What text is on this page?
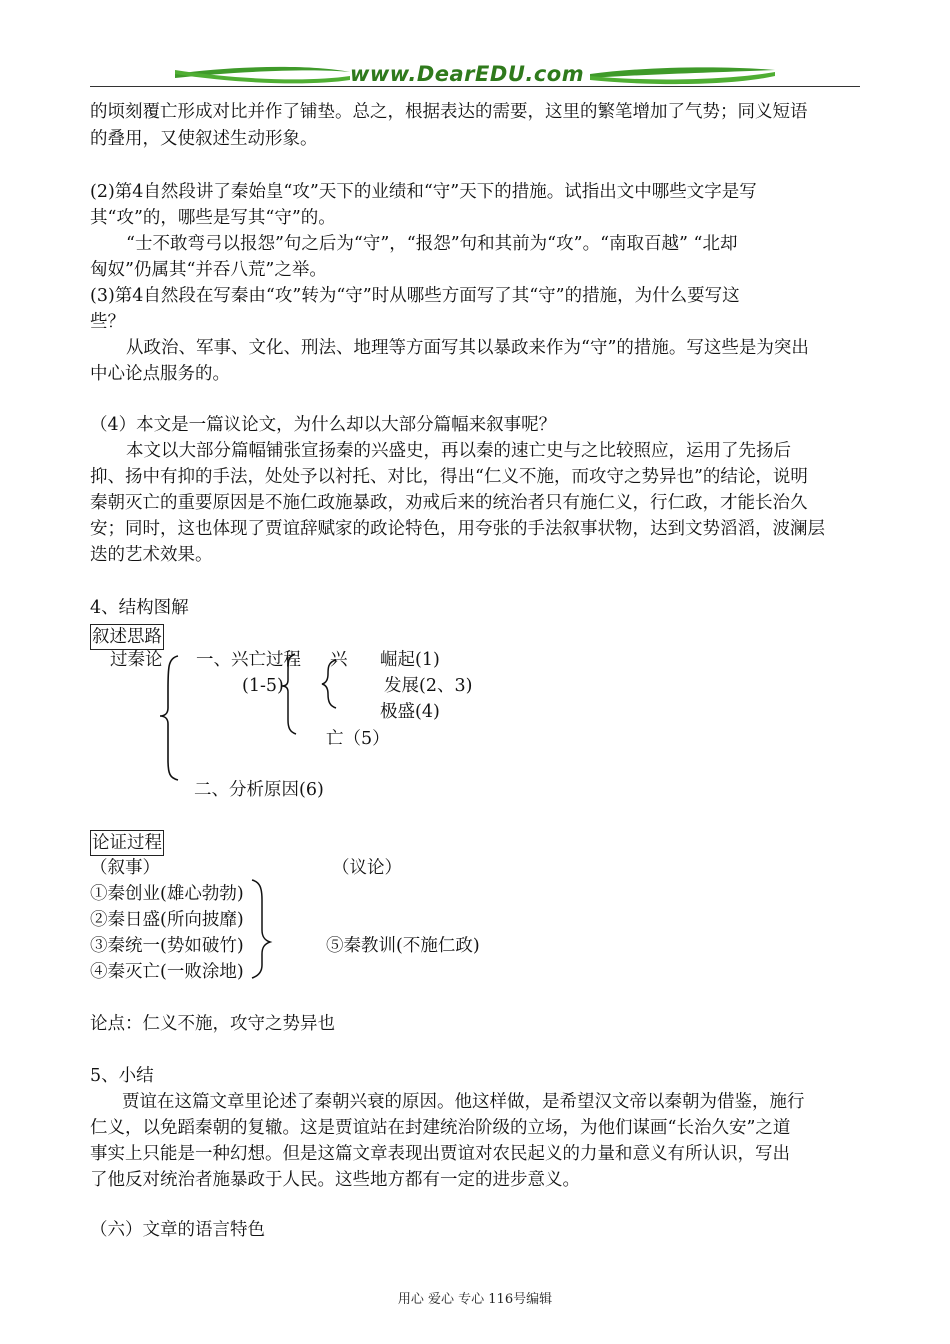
www.DearEDU.com
的顷刻覆亡形成对比并作了铺垫。总之，根据表达的需要，这里的繁笔增加了气势；同义短语
的叠用，又使叙述生动形象。
(2)第4自然段讲了秦始皇“攻”天下的业绩和“守”天下的措施。试指出文中哪些文字是写
其“攻”的，哪些是写其“守”的。
“士不敢弯弓以报怨”句之后为“守”，“报怨”句和其前为“攻”。“南取百越” “北却
匈奴”仍属其“并吞八荒”之举。
(3)第4自然段在写秦由“攻”转为“守”时从哪些方面写了其“守”的措施，为什么要写这
些？
从政治、军事、文化、刑法、地理等方面写其以暴政来作为“守”的措施。写这些是为突出
中心论点服务的。
（4）本文是一篇议论文，为什么却以大部分篇幅来叙事呢？
本文以大部分篇幅铺张宣扬秦的兴盛史，再以秦的速亡史与之比较照应，运用了先扬后
抑、扬中有抑的手法，处处予以衬托、对比，得出“仁义不施，而攻守之势异也”的结论，说明
秦朝灭亡的重要原因是不施仁政施暴政，劝戒后来的统治者只有施仁义，行仁政，才能长治久
安；同时，这也体现了贾谊辞赋家的政论特色，用夸张的手法叙事状物，达到文势滔滔，波澜层
迭的艺术效果。
4、结构图解
叙述思路
过秦论 一、兴亡过程
(1-5)
兴 崛起(1)
发展(2、3)
极盛(4)
亡（5）
二、分析原因(6)
论证过程
（叙事）	（议论）
①秦创业(雄心勃勃)
②秦日盛(所向披靡)
③秦统一(势如破竹)	⑤秦教训(不施仁政)
④秦灭亡(一败涂地)
论点：仁义不施，攻守之势异也
5、小结
贾谊在这篇文章里论述了秦朝兴衰的原因。他这样做，是希望汉文帝以秦朝为借鉴，施行
仁义，以免蹈秦朝的复辙。这是贾谊站在封建统治阶级的立场，为他们谋画“长治久安”之道
事实上只能是一种幻想。但是这篇文章表现出贾谊对农民起义的力量和意义有所认识，写出
了他反对统治者施暴政于人民。这些地方都有一定的进步意义。
（六）文章的语言特色
用心 爱心 专心 116号编辑
